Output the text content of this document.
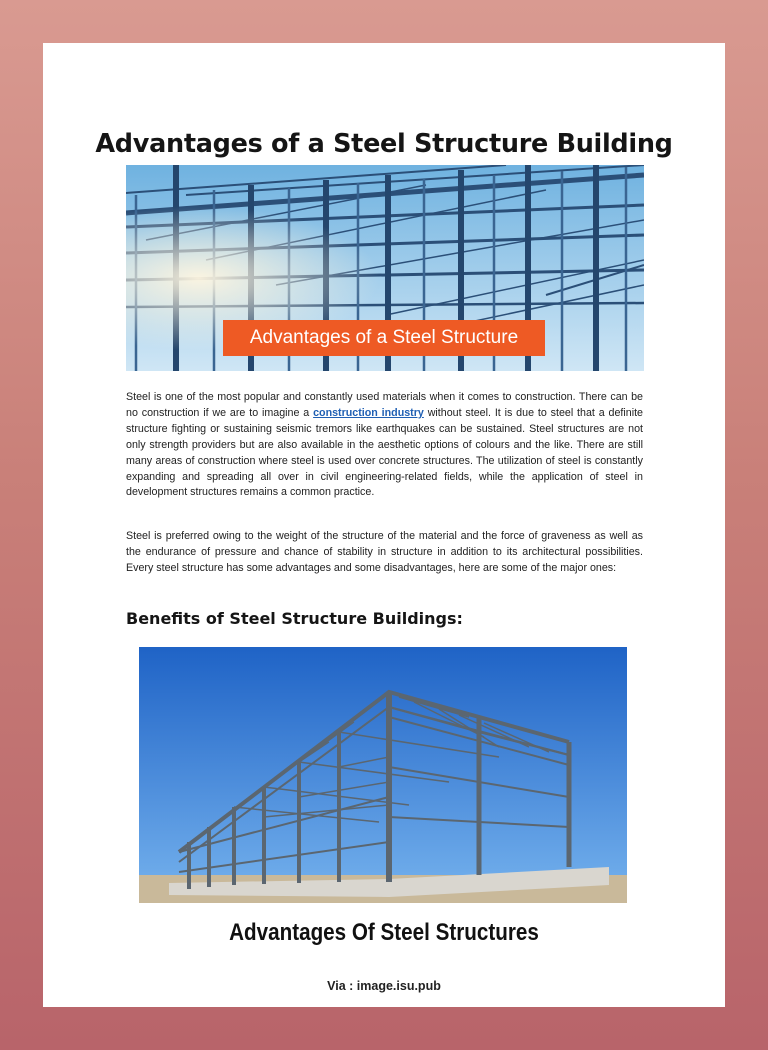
Advantages of a Steel Structure Building
Advantages of a Steel Structure

Steel is one of the most popular and constantly used materials when it comes to construction. There can be no construction if we are to imagine a construction industry without steel. It is due to steel that a definite structure fighting or sustaining seismic tremors like earthquakes can be sustained. Steel structures are not only strength providers but are also available in the aesthetic options of colours and the like. There are still many areas of construction where steel is used over concrete structures. The utilization of steel is constantly expanding and spreading all over in civil engineering-related fields, while the application of steel in development structures remains a common practice.

Steel is preferred owing to the weight of the structure of the material and the force of graveness as well as the endurance of pressure and chance of stability in structure in addition to its architectural possibilities. Every steel structure has some advantages and some disadvantages, here are some of the major ones:

Benefits of Steel Structure Buildings:

Advantages Of Steel Structures

Via : image.isu.pub
